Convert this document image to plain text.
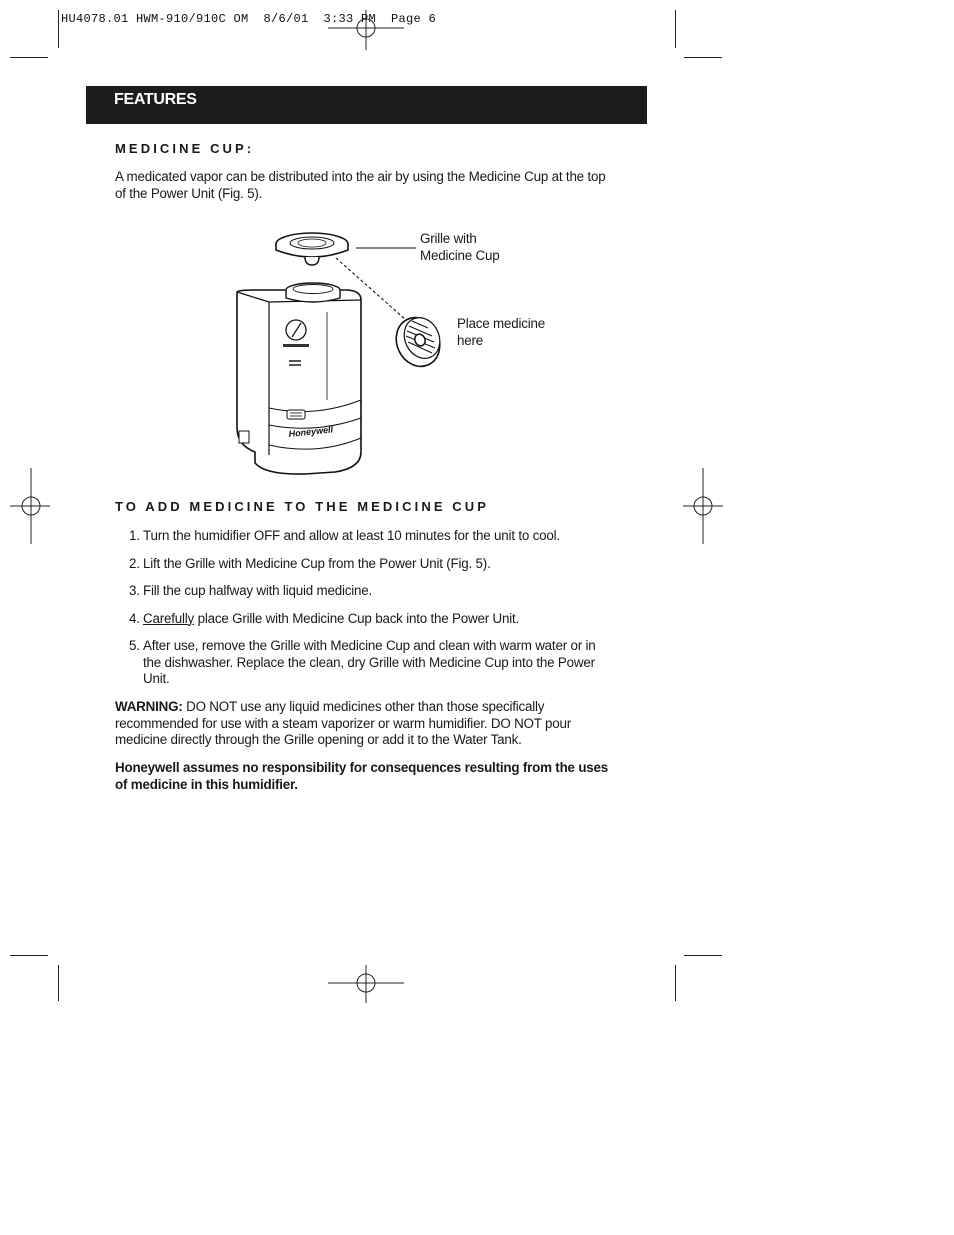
HU4078.01 HWM-910/910C OM  8/6/01  3:33 PM  Page 6
FEATURES
MEDICINE CUP:
A medicated vapor can be distributed into the air by using the Medicine Cup at the top of the Power Unit (Fig. 5).
Honeywell
Grille with
Medicine Cup
Place medicine
here
TO ADD MEDICINE TO THE MEDICINE CUP
1. Turn the humidifier OFF and allow at least 10 minutes for the unit to cool.
2. Lift the Grille with Medicine Cup from the Power Unit (Fig. 5).
3. Fill the cup halfway with liquid medicine.
4. Carefully place Grille with Medicine Cup back into the Power Unit.
5. After use, remove the Grille with Medicine Cup and clean with warm water or in the dishwasher. Replace the clean, dry Grille with Medicine Cup into the Power Unit.
WARNING: DO NOT use any liquid medicines other than those specifically recommended for use with a steam vaporizer or warm humidifier. DO NOT pour medicine directly through the Grille opening or add it to the Water Tank.
Honeywell assumes no responsibility for consequences resulting from the uses of medicine in this humidifier.
